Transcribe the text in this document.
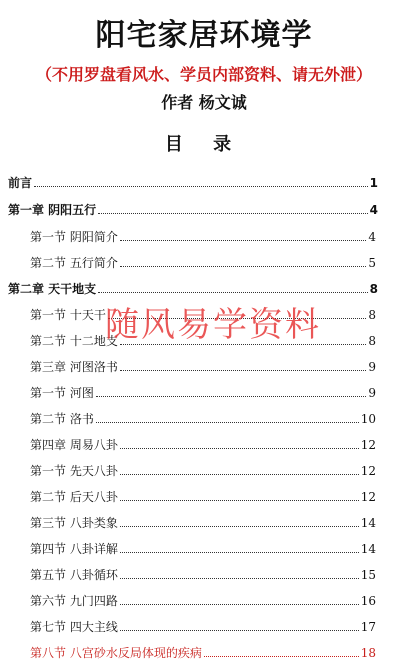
阳宅家居环境学
（不用罗盘看风水、学员内部资料、请无外泄）
作者 杨文诚
目 录
前言	1
第一章 阴阳五行	4
第一节 阴阳简介	4
第二节 五行简介	5
第二章 天干地支	8
第一节 十天干	8
第二节 十二地支	8
第三章 河图洛书	9
第一节 河图	9
第二节 洛书	10
第四章 周易八卦	12
第一节 先天八卦	12
第二节 后天八卦	12
第三节 八卦类象	14
第四节 八卦详解	14
第五节 八卦循环	15
第六节 九门四路	16
第七节 四大主线	17
第八节 八宫砂水反局体现的疾病	18
随风易学资料
